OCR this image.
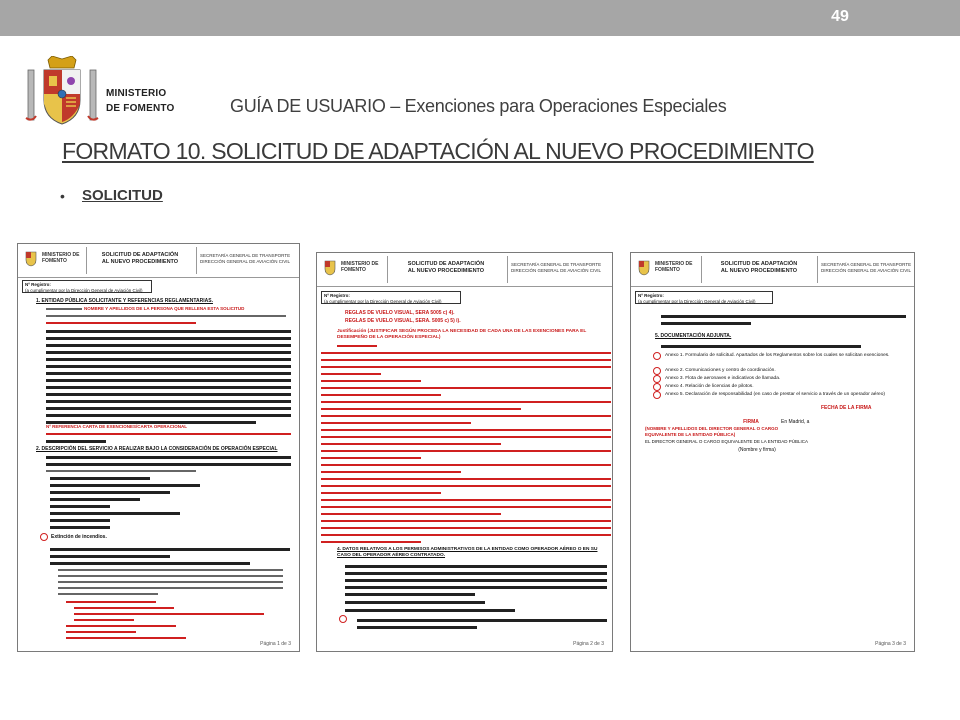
49
MINISTERIO
DE FOMENTO	GUÍA DE USUARIO – Exenciones para Operaciones Especiales
FORMATO 10. SOLICITUD DE ADAPTACIÓN AL NUEVO PROCEDIMIENTO
• SOLICITUD
MINISTERIO DE FOMENTO
SOLICITUD DE ADAPTACIÓN
AL NUEVO PROCEDIMIENTO
SECRETARÍA GENERAL DE TRANSPORTE
DIRECCIÓN GENERAL DE AVIACIÓN CIVIL
Nº Registro:
(a cumplimentar por la Dirección General de Aviación Civil)
1. ENTIDAD PÚBLICA SOLICITANTE Y REFERENCIAS REGLAMENTARIAS.
NOMBRE Y APELLIDOS DE LA PERSONA QUE RELLENA ESTA SOLICITUD
Nº REFERENCIA CARTA DE EXENCIONES/CARTA OPERACIONAL
2. DESCRIPCIÓN DEL SERVICIO A REALIZAR BAJO LA CONSIDERACIÓN DE OPERACIÓN ESPECIAL
Extinción de incendios.
Página 1 de 3
MINISTERIO DE FOMENTO
SOLICITUD DE ADAPTACIÓN
AL NUEVO PROCEDIMIENTO
SECRETARÍA GENERAL DE TRANSPORTE
DIRECCIÓN GENERAL DE AVIACIÓN CIVIL
Nº Registro:
(a cumplimentar por la Dirección General de Aviación Civil)
REGLAS DE VUELO VISUAL, SERA 5005 c) 4).
REGLAS DE VUELO VISUAL, SERA. 5005 c) 5) i).
Justificación (JUSTIFICAR SEGÚN PROCEDA LA NECESIDAD DE CADA UNA DE LAS EXENCIONES PARA EL DESEMPEÑO DE LA OPERACIÓN ESPECIAL)
4. DATOS RELATIVOS A LOS PERMISOS ADMINISTRATIVOS DE LA ENTIDAD COMO OPERADOR AÉREO O EN SU CASO DEL OPERADOR AÉREO CONTRATADO.
Página 2 de 3
MINISTERIO DE FOMENTO
SOLICITUD DE ADAPTACIÓN
AL NUEVO PROCEDIMIENTO
SECRETARÍA GENERAL DE TRANSPORTE
DIRECCIÓN GENERAL DE AVIACIÓN CIVIL
Nº Registro:
(a cumplimentar por la Dirección General de Aviación Civil)
5. DOCUMENTACIÓN ADJUNTA.
Anexo 1. Formulario de solicitud. Apartados de los Reglamentos sobre los cuales se solicitan exenciones.
Anexo 2. Comunicaciones y centro de coordinación.
Anexo 3. Flota de aeronaves e indicativos de llamada.
Anexo 4. Relación de licencias de pilotos.
Anexo 5. Declaración de responsabilidad (en caso de prestar el servicio a través de un operador aéreo)
FECHA DE LA FIRMA
FIRMA	En Madrid, a
(NOMBRE Y APELLIDOS DEL DIRECTOR GENERAL O CARGO EQUIVALENTE DE LA ENTIDAD PÚBLICA)
EL DIRECTOR GENERAL O CARGO EQUIVALENTE DE LA ENTIDAD PÚBLICA
(Nombre y firma)
Página 3 de 3
